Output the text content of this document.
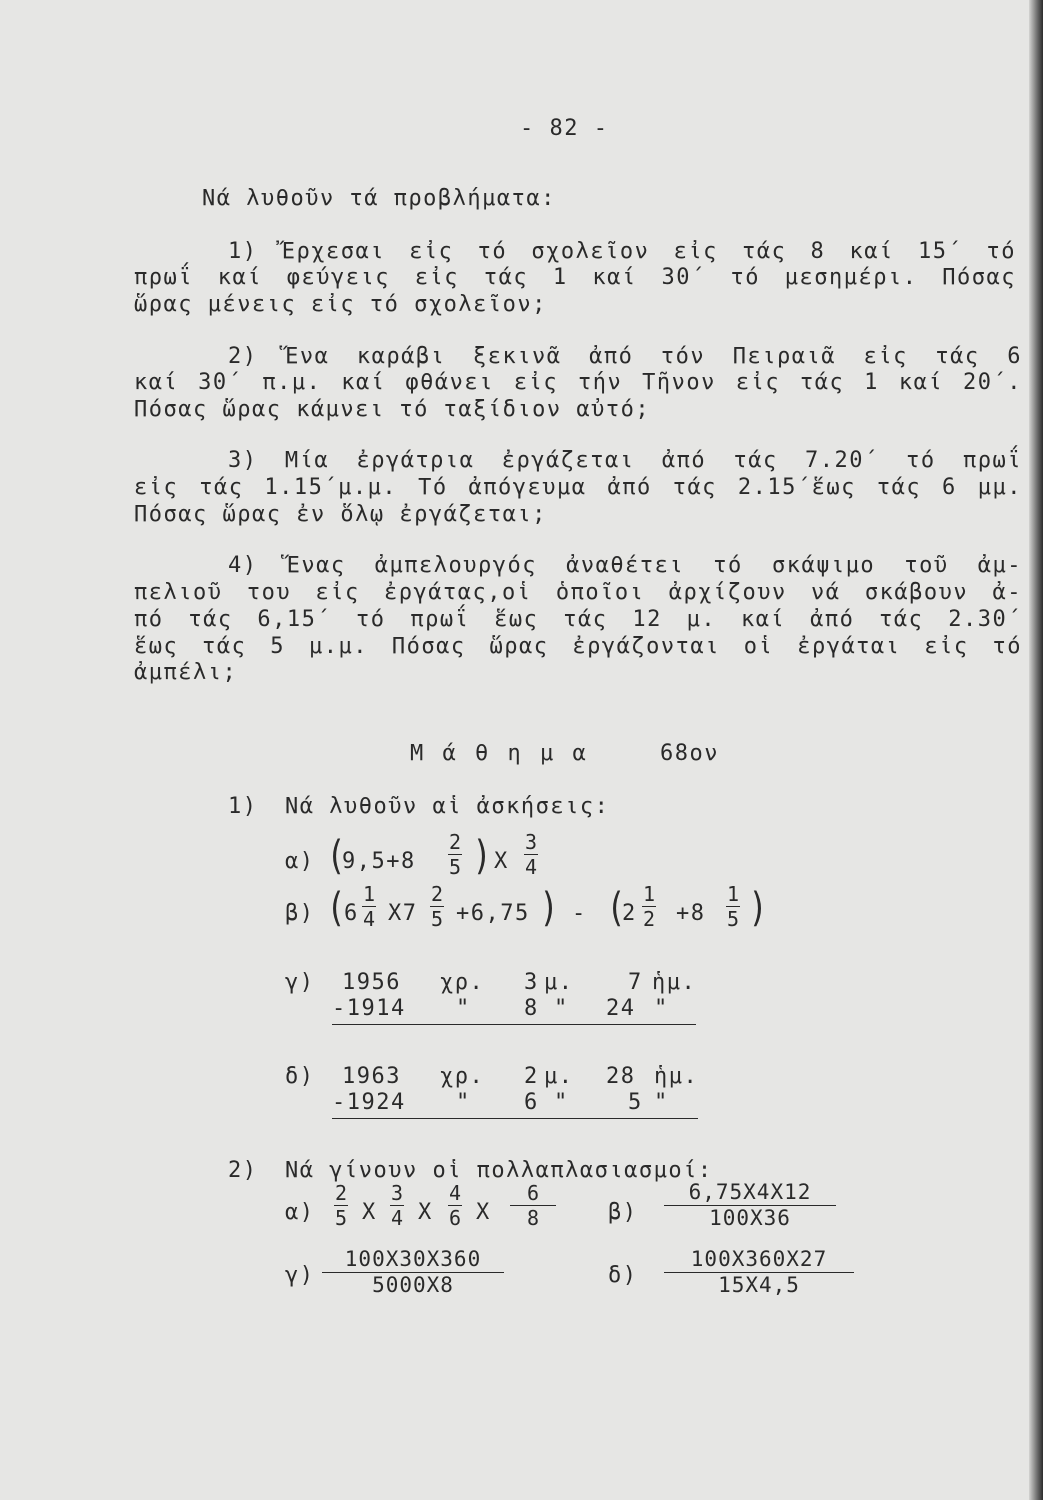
- 82 -
Νά λυθοῦν τά προβλήματα:
1) Ἔρχεσαι εἰς τό σχολεῖον εἰς τάς 8 καί 15΄ τό
πρωΐ καί φεύγεις εἰς τάς 1 καί 30΄ τό μεσημέρι. Πόσας
ὥρας μένεις εἰς τό σχολεῖον;
2) Ἕνα καράβι ξεκινᾶ ἀπό τόν Πειραιᾶ εἰς τάς 6
καί 30΄ π.μ. καί φθάνει εἰς τήν Τῆνον εἰς τάς 1 καί 20΄.
Πόσας ὥρας κάμνει τό ταξίδιον αὐτό;
3) Μία ἐργάτρια ἐργάζεται ἀπό τάς 7.20΄ τό πρωΐ
εἰς τάς 1.15΄μ.μ. Τό ἀπόγευμα ἀπό τάς 2.15΄ἕως τάς 6 μμ.
Πόσας ὥρας ἐν ὅλῳ ἐργάζεται;
4) Ἕνας ἀμπελουργός ἀναθέτει τό σκάψιμο τοῦ ἀμ-
πελιοῦ του εἰς ἐργάτας,οἱ ὁποῖοι ἀρχίζουν νά σκάβουν ἀ-
πό τάς 6,15΄ τό πρωΐ ἕως τάς 12 μ. καί ἀπό τάς 2.30΄
ἕως τάς 5 μ.μ. Πόσας ὥρας ἐργάζονται οἱ ἐργάται εἰς τό
ἀμπέλι;
Μ ά θ η μ α	68ον
1) Νά λυθοῦν αἱ ἀσκήσεις:
α) (
9,5+8
2
5 ) X
3
4
β) (
6
1
4 X7
2
5 +6,75 ) - (
2
1
2 +8
1
5 )
γ) 1956 χρ. 3 μ. 7 ἡμ.
-1914 " 8 " 24 "
δ) 1963 χρ. 2 μ. 28 ἡμ.
-1924 " 6 "	5 "
2) Νά γίνουν οἱ πολλαπλασιασμοί:
α)
2
5 X
3
4 X
4
6 X
6
8	β)
6,75X4X12
100X36
γ)
100X30X360
5000X8	δ)
100X360X27
15X4,5
